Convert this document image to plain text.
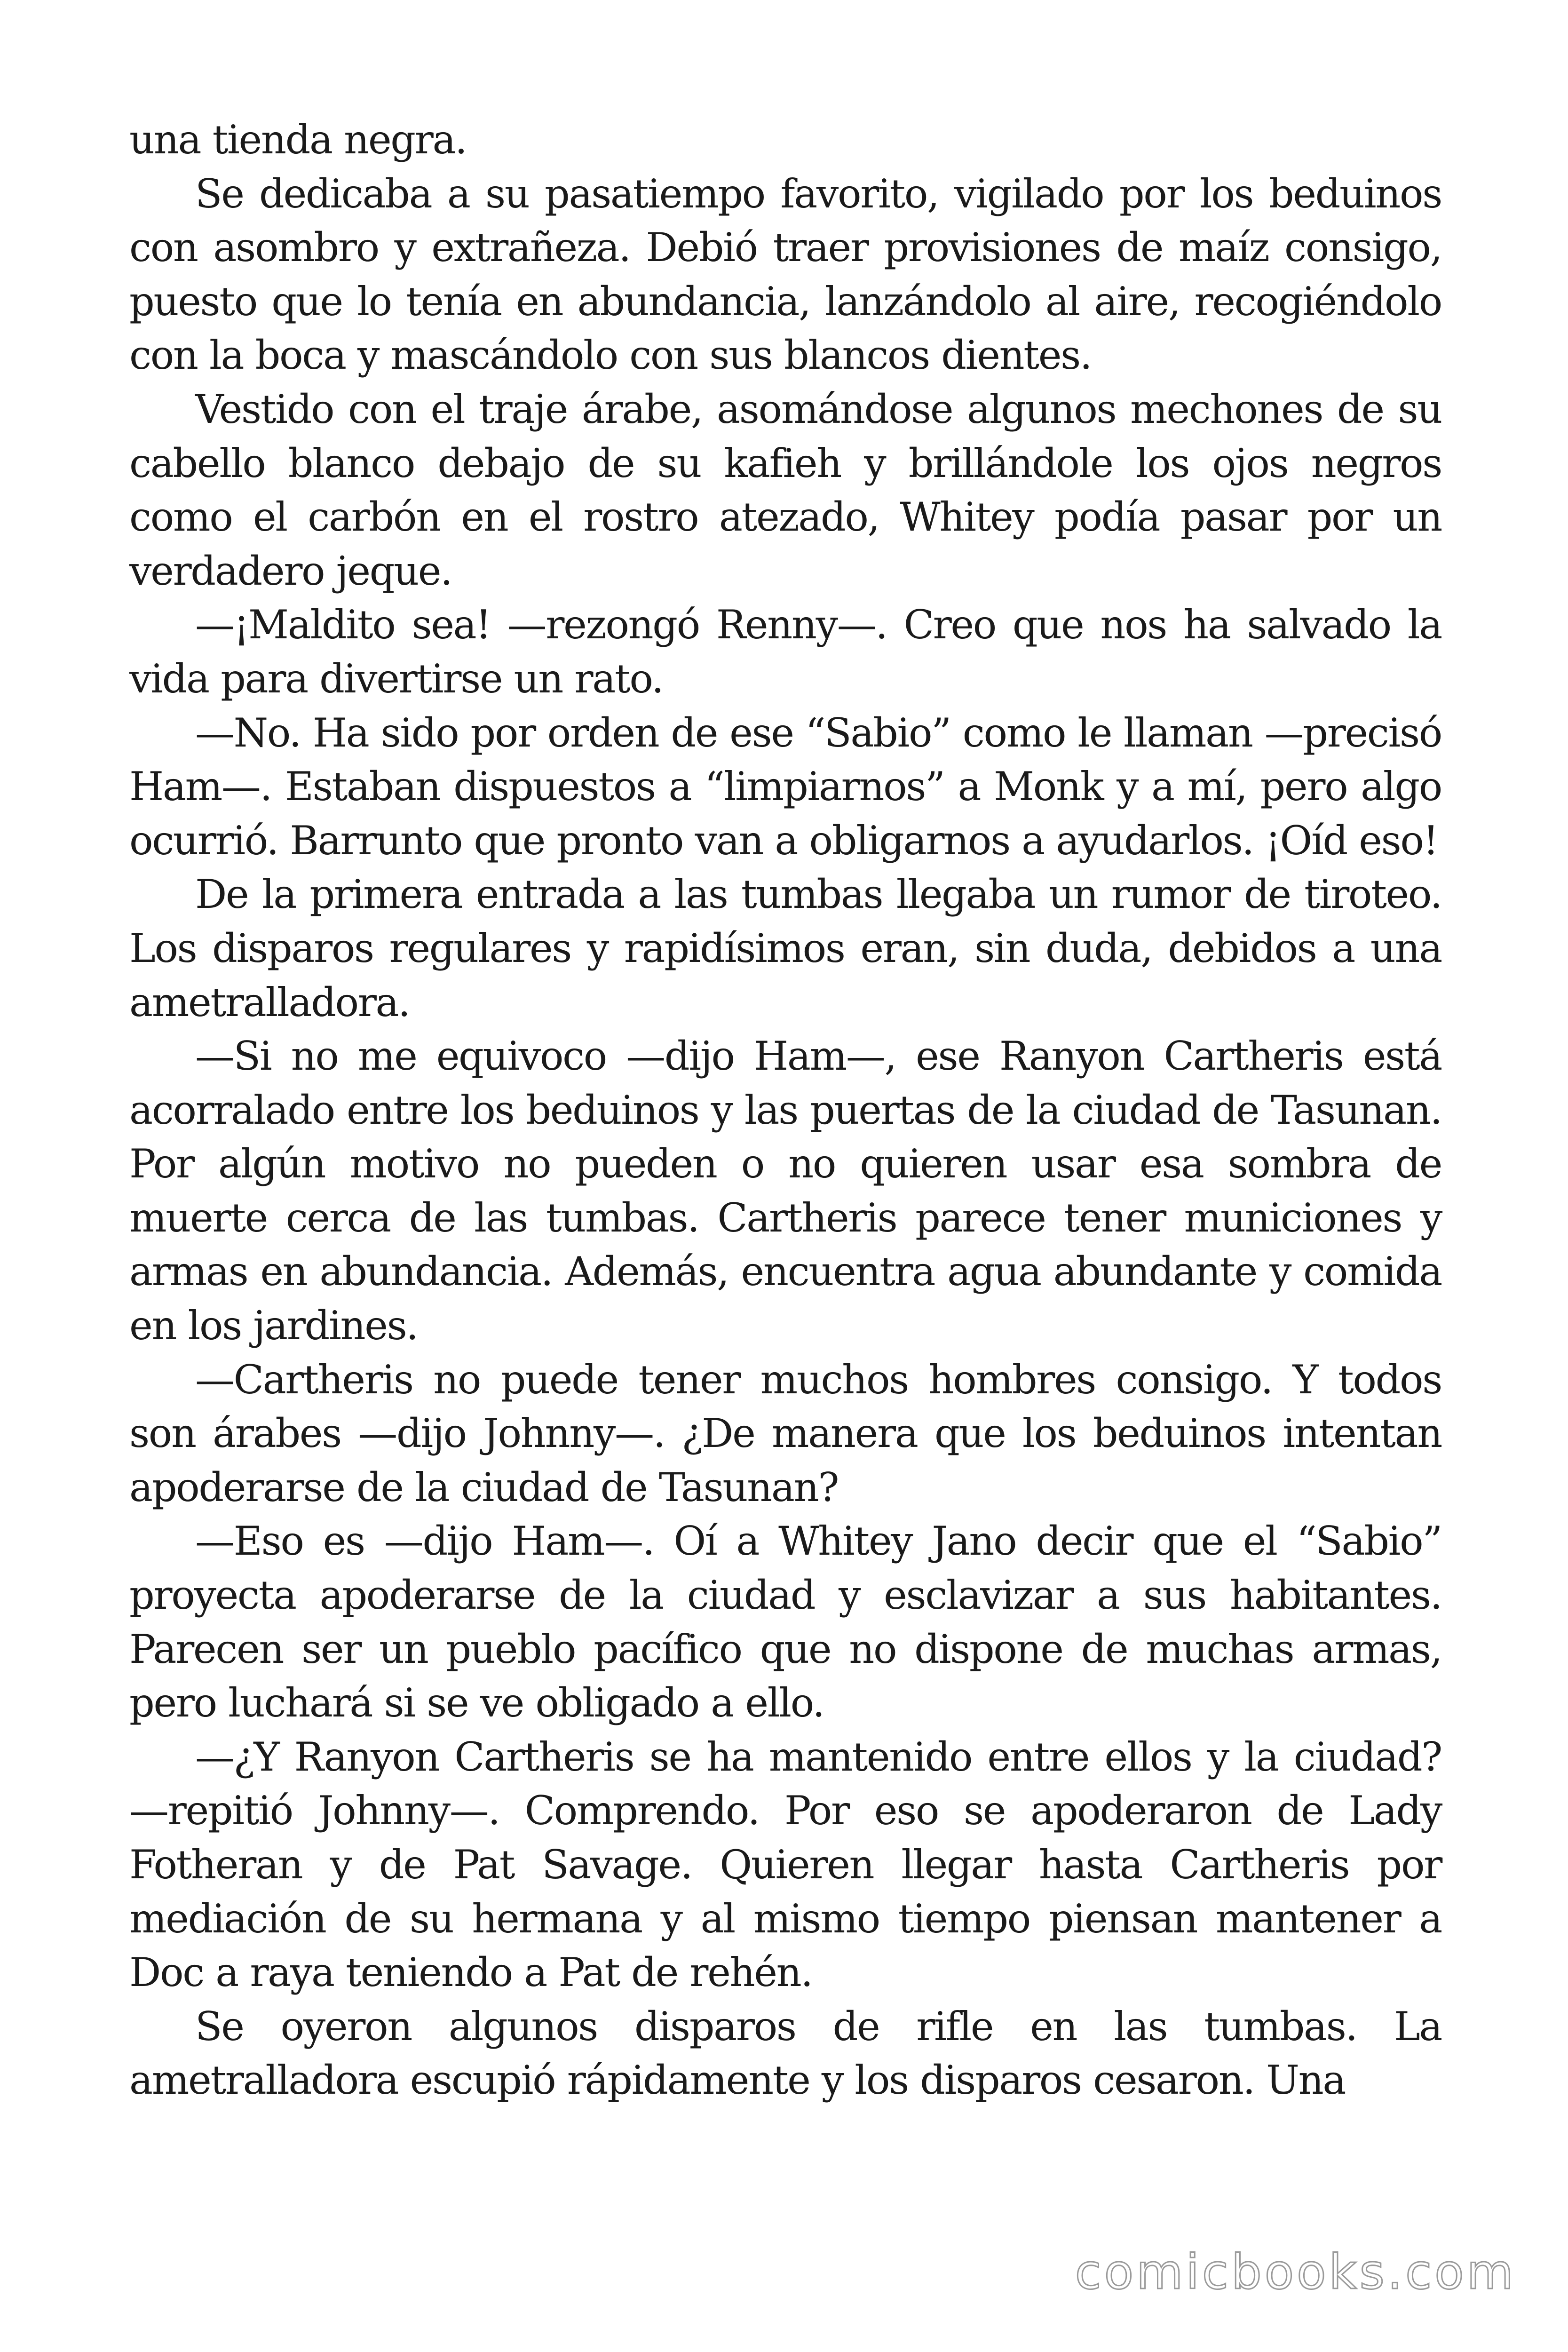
una tienda negra.

Se dedicaba a su pasatiempo favorito, vigilado por los beduinos con asombro y extrañeza. Debió traer provisiones de maíz consigo, puesto que lo tenía en abundancia, lanzándolo al aire, recogiéndolo con la boca y mascándolo con sus blancos dientes.

Vestido con el traje árabe, asomándose algunos mechones de su cabello blanco debajo de su kafieh y brillándole los ojos negros como el carbón en el rostro atezado, Whitey podía pasar por un verdadero jeque.

—¡Maldito sea! —rezongó Renny—. Creo que nos ha salvado la vida para divertirse un rato.

—No. Ha sido por orden de ese “Sabio” como le llaman —precisó Ham—. Estaban dispuestos a “limpiarnos” a Monk y a mí, pero algo ocurrió. Barrunto que pronto van a obligarnos a ayudarlos. ¡Oíd eso!

De la primera entrada a las tumbas llegaba un rumor de tiroteo. Los disparos regulares y rapidísimos eran, sin duda, debidos a una ametralladora.

—Si no me equivoco —dijo Ham—, ese Ranyon Cartheris está acorralado entre los beduinos y las puertas de la ciudad de Tasunan. Por algún motivo no pueden o no quieren usar esa sombra de muerte cerca de las tumbas. Cartheris parece tener municiones y armas en abundancia. Además, encuentra agua abundante y comida en los jardines.

—Cartheris no puede tener muchos hombres consigo. Y todos son árabes —dijo Johnny—. ¿De manera que los beduinos intentan apoderarse de la ciudad de Tasunan?

—Eso es —dijo Ham—. Oí a Whitey Jano decir que el “Sabio” proyecta apoderarse de la ciudad y esclavizar a sus habitantes. Parecen ser un pueblo pacífico que no dispone de muchas armas, pero luchará si se ve obligado a ello.

—¿Y Ranyon Cartheris se ha mantenido entre ellos y la ciudad? —repitió Johnny—. Comprendo. Por eso se apoderaron de Lady Fotheran y de Pat Savage. Quieren llegar hasta Cartheris por mediación de su hermana y al mismo tiempo piensan mantener a Doc a raya teniendo a Pat de rehén.

Se oyeron algunos disparos de rifle en las tumbas. La ametralladora escupió rápidamente y los disparos cesaron. Una

comicbooks.com
